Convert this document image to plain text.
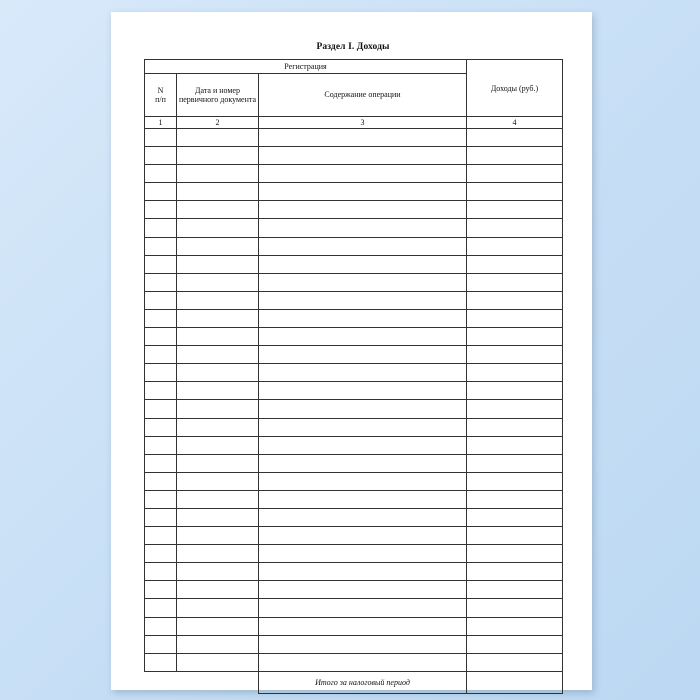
Раздел I. Доходы
Регистрация			Доходы (руб.)
N
п/п	Дата и номер первичного документа	Содержание операции	
1	2	3	4

		Итого за налоговый период	
